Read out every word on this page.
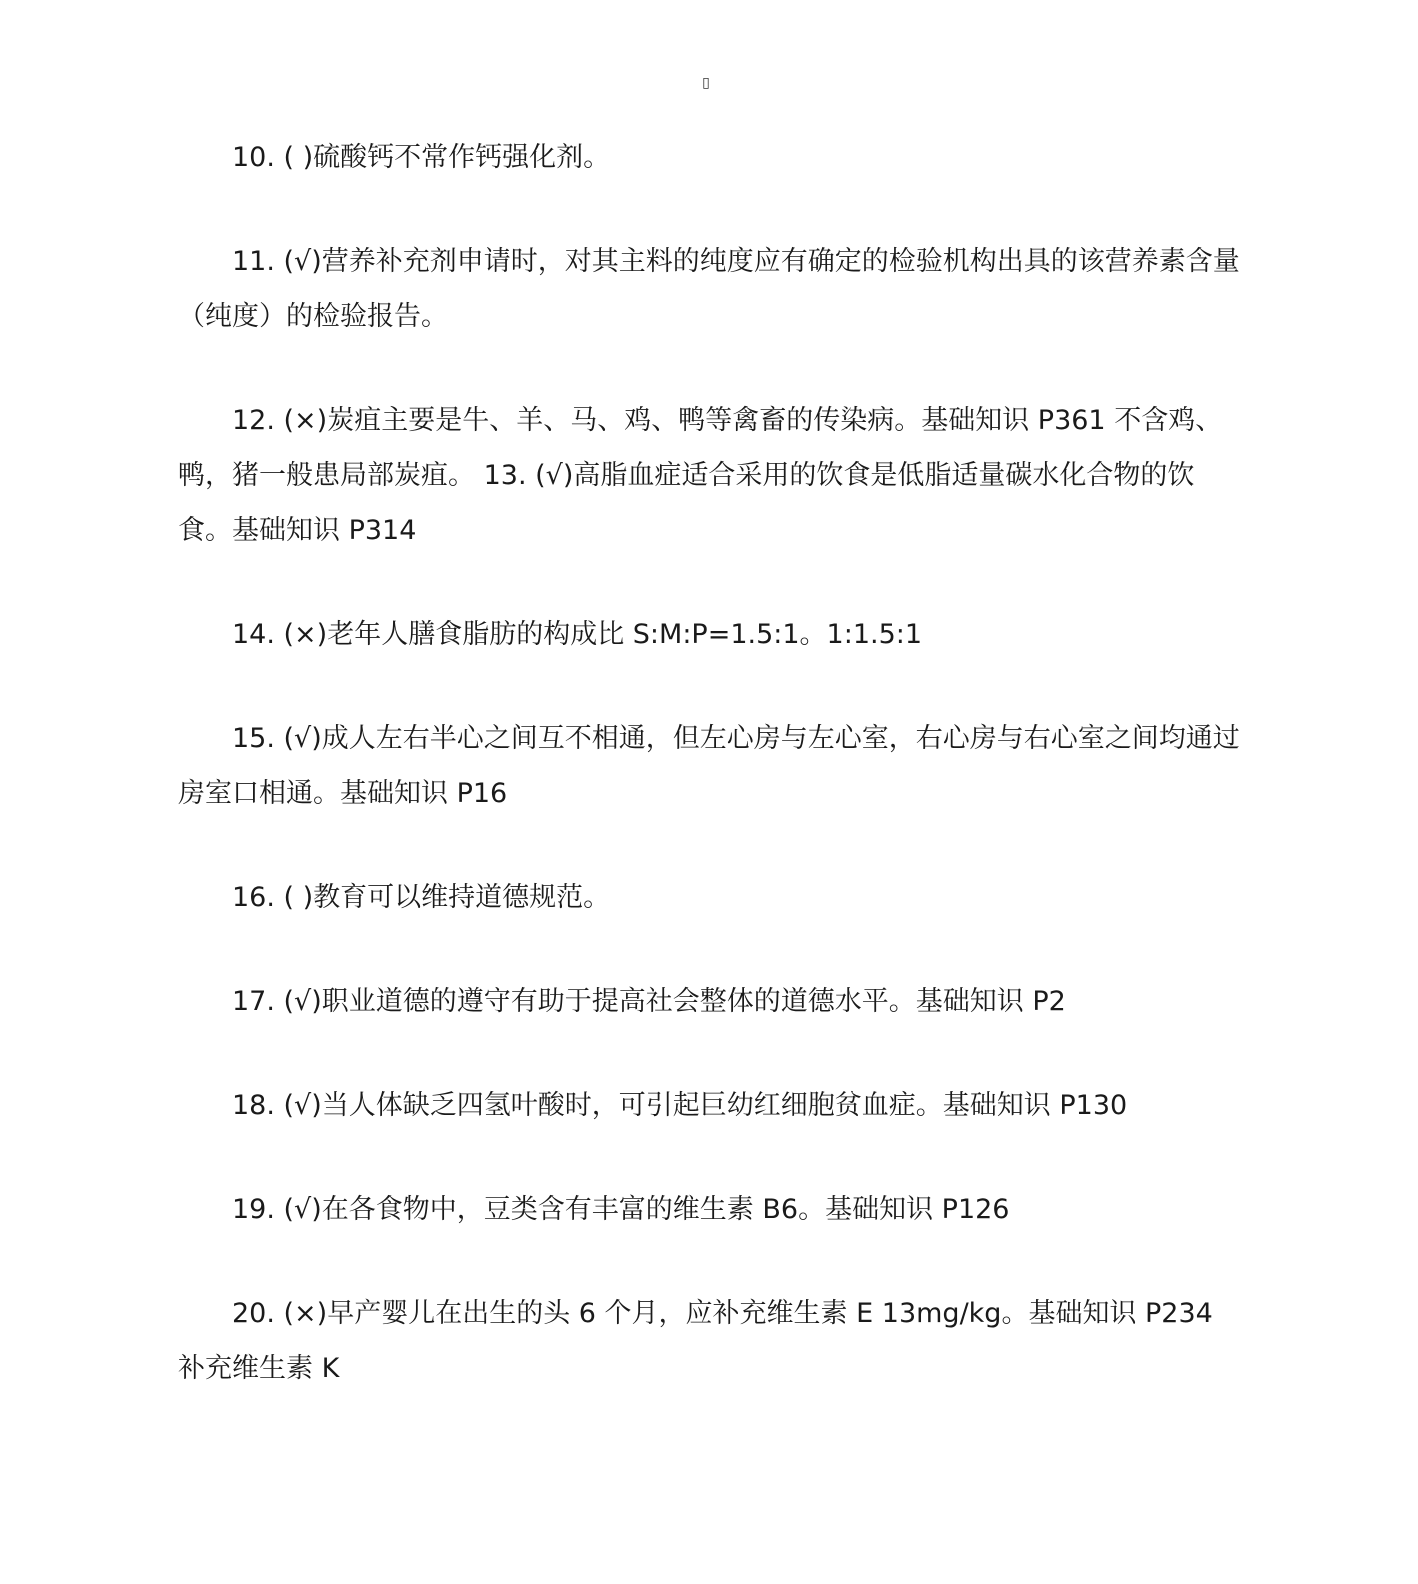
▯

10. ( )硫酸钙不常作钙强化剂。

11. (√)营养补充剂申请时，对其主料的纯度应有确定的检验机构出具的该营养素含量（纯度）的检验报告。

12. (×)炭疽主要是牛、羊、马、鸡、鸭等禽畜的传染病。基础知识 P361 不含鸡、鸭，猪一般患局部炭疽。 13. (√)高脂血症适合采用的饮食是低脂适量碳水化合物的饮食。基础知识 P314

14. (×)老年人膳食脂肪的构成比 S:M:P=1.5:1。1:1.5:1

15. (√)成人左右半心之间互不相通，但左心房与左心室，右心房与右心室之间均通过房室口相通。基础知识 P16

16. ( )教育可以维持道德规范。

17. (√)职业道德的遵守有助于提高社会整体的道德水平。基础知识 P2

18. (√)当人体缺乏四氢叶酸时，可引起巨幼红细胞贫血症。基础知识 P130

19. (√)在各食物中，豆类含有丰富的维生素 B6。基础知识 P126

20. (×)早产婴儿在出生的头 6 个月，应补充维生素 E 13mg/kg。基础知识 P234 补充维生素 K
